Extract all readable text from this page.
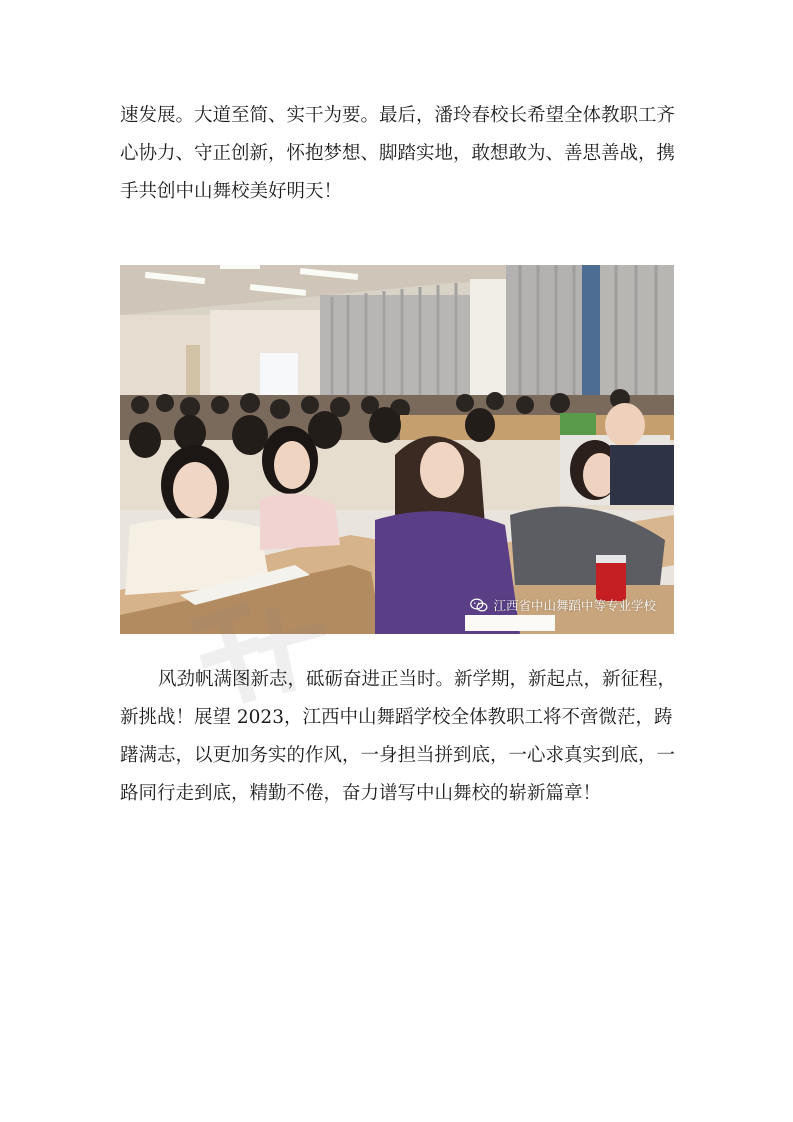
速发展。大道至简、实干为要。最后，潘玲春校长希望全体教职工齐
心协力、守正创新，怀抱梦想、脚踏实地，敢想敢为、善思善战，携
手共创中山舞校美好明天！

江西省中山舞蹈中等专业学校

风劲帆满图新志，砥砺奋进正当时。新学期，新起点，新征程，
新挑战！展望 2023，江西中山舞蹈学校全体教职工将不啻微茫，踌
躇满志，以更加务实的作风，一身担当拼到底，一心求真实到底，一
路同行走到底，精勤不倦，奋力谱写中山舞校的崭新篇章！
